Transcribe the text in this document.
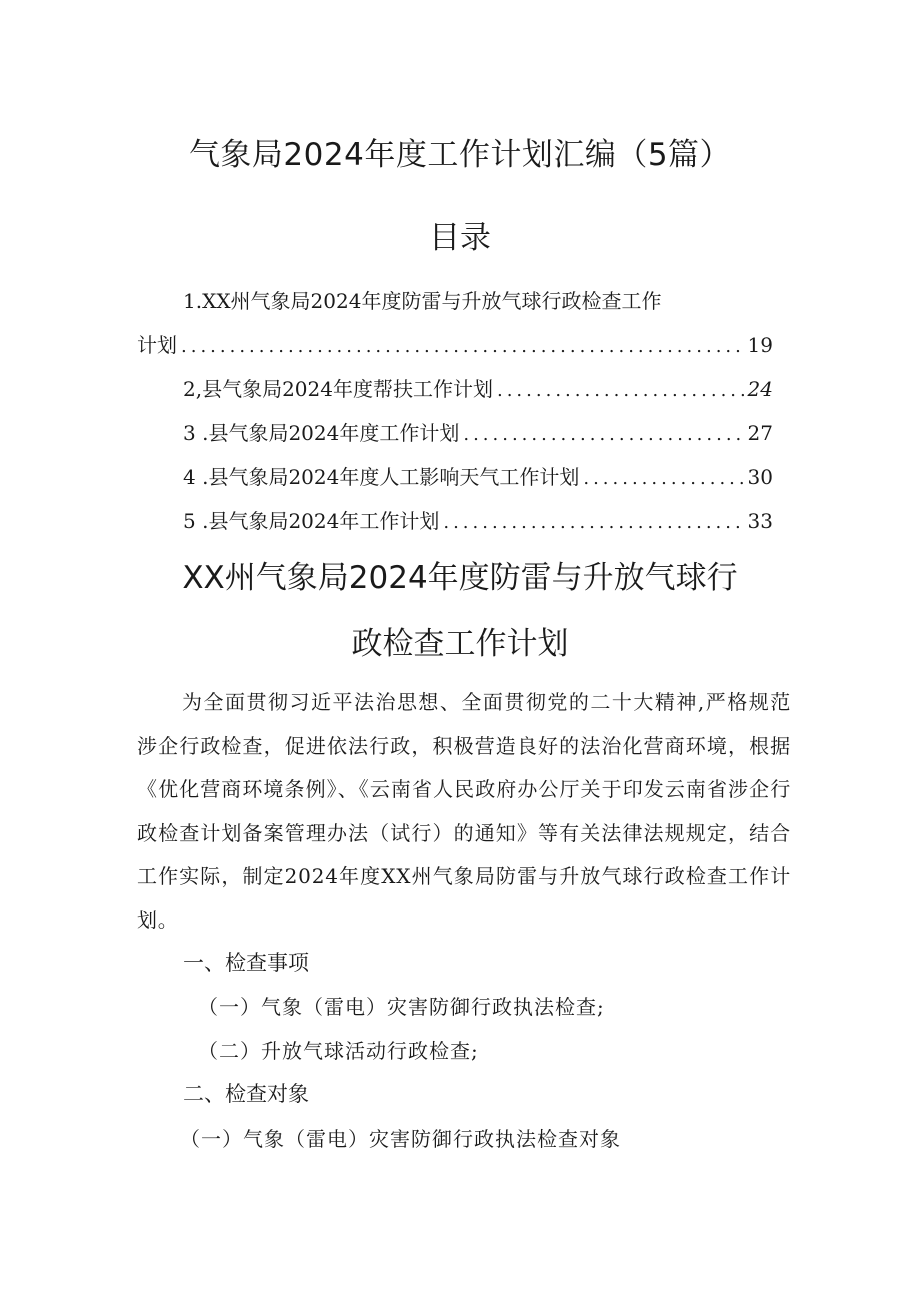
气象局2024年度工作计划汇编（5篇）
目录
1.XX州气象局2024年度防雷与升放气球行政检查工作
计划 .....	19
2,县气象局2024年度帮扶工作计划 .....	24
3 .县气象局2024年度工作计划 .....	27
4 .县气象局2024年度人工影响天气工作计划 .....	30
5 .县气象局2024年工作计划 .....	33
XX州气象局2024年度防雷与升放气球行
政检查工作计划
为全面贯彻习近平法治思想、全面贯彻党的二十大精神,严格规范涉企行政检查，促进依法行政，积极营造良好的法治化营商环境，根据《优化营商环境条例》、《云南省人民政府办公厅关于印发云南省涉企行政检查计划备案管理办法（试行）的通知》等有关法律法规规定，结合工作实际，制定2024年度XX州气象局防雷与升放气球行政检查工作计划。
一、检查事项
（一）气象（雷电）灾害防御行政执法检查;
（二）升放气球活动行政检查;
二、检查对象
（一）气象（雷电）灾害防御行政执法检查对象
